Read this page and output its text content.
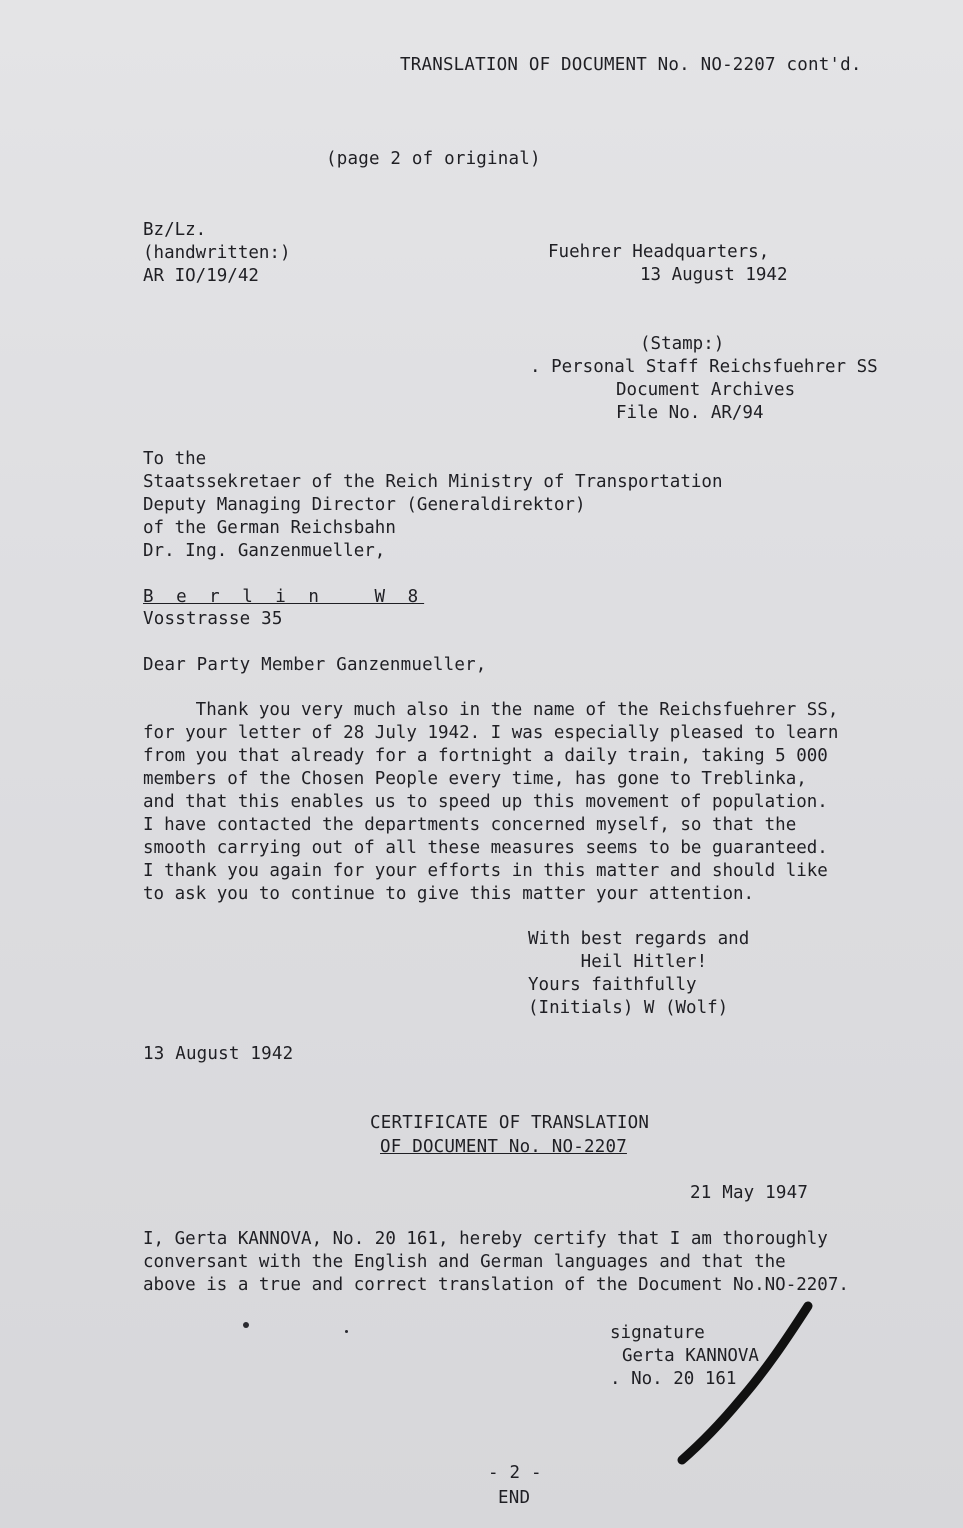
TRANSLATION OF DOCUMENT No. NO-2207 cont'd.
(page 2 of original)
Bz/Lz.
(handwritten:)
AR IO/19/42
Fuehrer Headquarters,
13 August 1942
(Stamp:)
. Personal Staff Reichsfuehrer SS
Document Archives
File No. AR/94
To the
Staatssekretaer of the Reich Ministry of Transportation
Deputy Managing Director (Generaldirektor)
of the German Reichsbahn
Dr. Ing. Ganzenmueller,
B e r l i n   W 8
Vosstrasse 35
Dear Party Member Ganzenmueller,
Thank you very much also in the name of the Reichsfuehrer SS,
for your letter of 28 July 1942. I was especially pleased to learn
from you that already for a fortnight a daily train, taking 5 000
members of the Chosen People every time, has gone to Treblinka,
and that this enables us to speed up this movement of population.
I have contacted the departments concerned myself, so that the
smooth carrying out of all these measures seems to be guaranteed.
I thank you again for your efforts in this matter and should like
to ask you to continue to give this matter your attention.
With best regards and
Heil Hitler!
Yours faithfully
(Initials) W (Wolf)
13 August 1942
CERTIFICATE OF TRANSLATION
OF DOCUMENT No. NO-2207
21 May 1947
I, Gerta KANNOVA, No. 20 161, hereby certify that I am thoroughly
conversant with the English and German languages and that the
above is a true and correct translation of the Document No.NO-2207.
signature
Gerta KANNOVA
. No. 20 161
- 2 -
END
